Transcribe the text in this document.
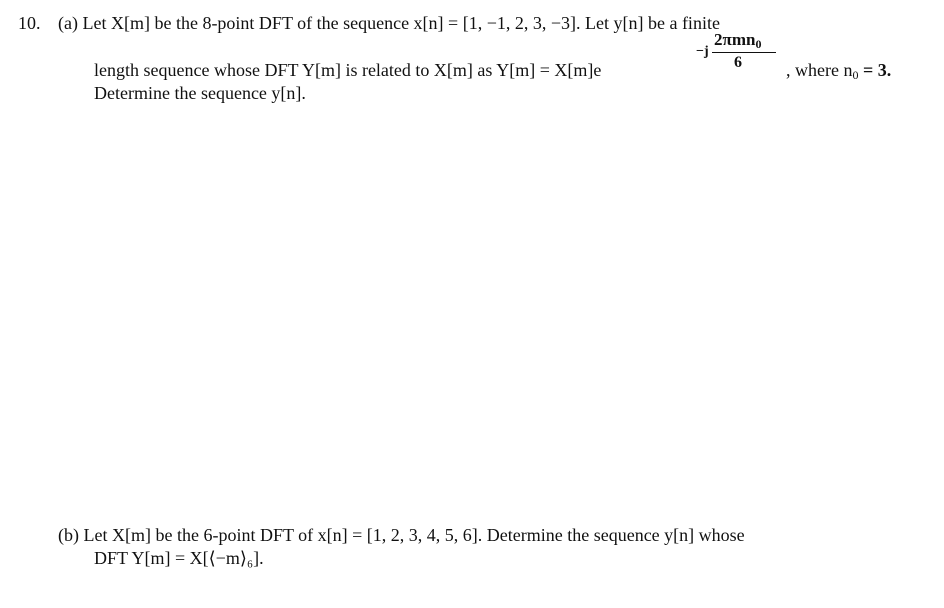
10. (a) Let X[m] be the 8-point DFT of the sequence x[n] = [1, −1, 2, 3, −3]. Let y[n] be a finite
−j
2πmn$_0$
6
length sequence whose DFT Y[m] is related to X[m] as Y[m] = X[m]e	, where $n_0 = 3$.
Determine the sequence y[n].
(b) Let X[m] be the 6-point DFT of x[n] = [1, 2, 3, 4, 5, 6]. Determine the sequence y[n] whose
DFT Y[m] = X[⟨−m⟩₆].
